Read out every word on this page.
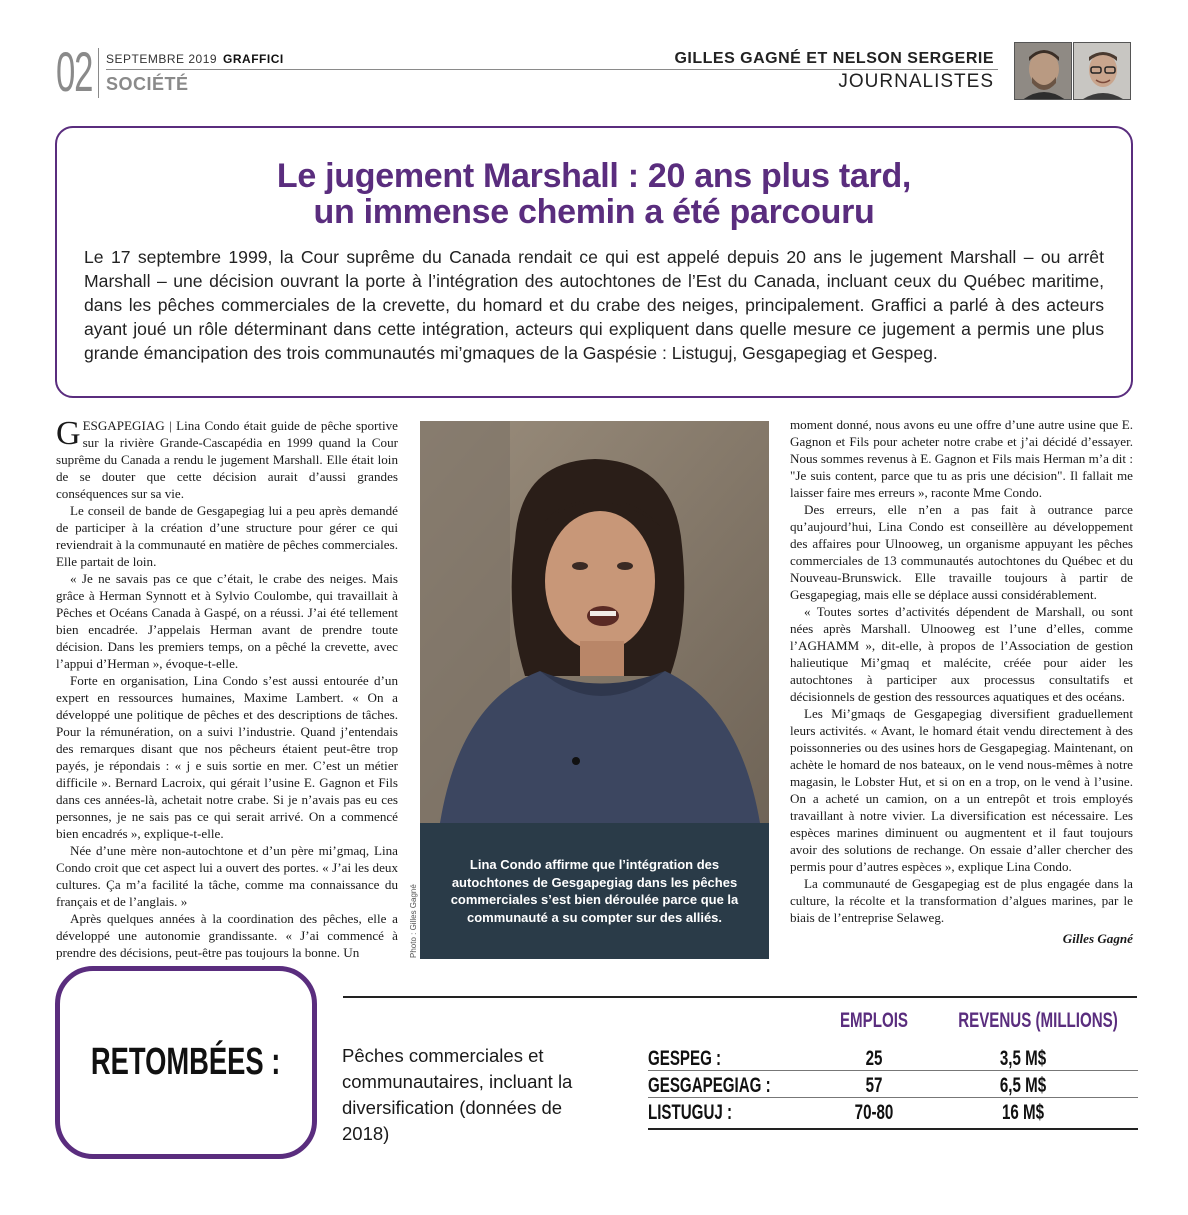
02 SEPTEMBRE 2019 GRAFFICI
SOCIÉTÉ
GILLES GAGNÉ ET NELSON SERGERIE
JOURNALISTES
Le jugement Marshall : 20 ans plus tard,
un immense chemin a été parcouru

Le 17 septembre 1999, la Cour suprême du Canada rendait ce qui est appelé depuis 20 ans le jugement Marshall – ou arrêt Marshall – une décision ouvrant la porte à l’intégration des autochtones de l’Est du Canada, incluant ceux du Québec maritime, dans les pêches commerciales de la crevette, du homard et du crabe des neiges, principalement. Graffici a parlé à des acteurs ayant joué un rôle déterminant dans cette intégration, acteurs qui expliquent dans quelle mesure ce jugement a permis une plus grande émancipation des trois communautés mi’gmaques de la Gaspésie : Listuguj, Gesgapegiag et Gespeg.

GESGAPEGIAG | Lina Condo était guide de pêche sportive sur la rivière Grande-Cascapédia en 1999 quand la Cour suprême du Canada a rendu le jugement Marshall. Elle était loin de se douter que cette décision aurait d’aussi grandes conséquences sur sa vie.

Le conseil de bande de Gesgapegiag lui a peu après demandé de participer à la création d’une structure pour gérer ce qui reviendrait à la communauté en matière de pêches commerciales. Elle partait de loin.

« Je ne savais pas ce que c’était, le crabe des neiges. Mais grâce à Herman Synnott et à Sylvio Coulombe, qui travaillait à Pêches et Océans Canada à Gaspé, on a réussi. J’ai été tellement bien encadrée. J’appelais Herman avant de prendre toute décision. Dans les premiers temps, on a pêché la crevette, avec l’appui d’Herman », évoque-t-elle.

Forte en organisation, Lina Condo s’est aussi entourée d’un expert en ressources humaines, Maxime Lambert. « On a développé une politique de pêches et des descriptions de tâches. Pour la rémunération, on a suivi l’industrie. Quand j’entendais des remarques disant que nos pêcheurs étaient peut-être trop payés, je répondais : « j e suis sortie en mer. C’est un métier difficile ». Bernard Lacroix, qui gérait l’usine E. Gagnon et Fils dans ces années-là, achetait notre crabe. Si je n’avais pas eu ces personnes, je ne sais pas ce qui serait arrivé. On a commencé bien encadrés », explique-t-elle.

Née d’une mère non-autochtone et d’un père mi’gmaq, Lina Condo croit que cet aspect lui a ouvert des portes. « J’ai les deux cultures. Ça m’a facilité la tâche, comme ma connaissance du français et de l’anglais. »

Après quelques années à la coordination des pêches, elle a développé une autonomie grandissante. « J’ai commencé à prendre des décisions, peut-être pas toujours la bonne. Un

Lina Condo affirme que l’intégration des autochtones de Gesgapegiag dans les pêches commerciales s’est bien déroulée parce que la communauté a su compter sur des alliés.

Photo : Gilles Gagné

moment donné, nous avons eu une offre d’une autre usine que E. Gagnon et Fils pour acheter notre crabe et j’ai décidé d’essayer. Nous sommes revenus à E. Gagnon et Fils mais Herman m’a dit : "Je suis content, parce que tu as pris une décision". Il fallait me laisser faire mes erreurs », raconte Mme Condo.

Des erreurs, elle n’en a pas fait à outrance parce qu’aujourd’hui, Lina Condo est conseillère au développement des affaires pour Ulnooweg, un organisme appuyant les pêches commerciales de 13 communautés autochtones du Québec et du Nouveau-Brunswick. Elle travaille toujours à partir de Gesgapegiag, mais elle se déplace aussi considérablement.

« Toutes sortes d’activités dépendent de Marshall, ou sont nées après Marshall. Ulnooweg est l’une d’elles, comme l’AGHAMM », dit-elle, à propos de l’Association de gestion halieutique Mi’gmaq et malécite, créée pour aider les autochtones à participer aux processus consultatifs et décisionnels de gestion des ressources aquatiques et des océans.

Les Mi’gmaqs de Gesgapegiag diversifient graduellement leurs activités. « Avant, le homard était vendu directement à des poissonneries ou des usines hors de Gesgapegiag. Maintenant, on achète le homard de nos bateaux, on le vend nous-mêmes à notre magasin, le Lobster Hut, et si on en a trop, on le vend à l’usine. On a acheté un camion, on a un entrepôt et trois employés travaillant à notre vivier. La diversification est nécessaire. Les espèces marines diminuent ou augmentent et il faut toujours avoir des solutions de rechange. On essaie d’aller chercher des permis pour d’autres espèces », explique Lina Condo.

La communauté de Gesgapegiag est de plus engagée dans la culture, la récolte et la transformation d’algues marines, par le biais de l’entreprise Selaweg.

Gilles Gagné

RETOMBÉES :	Pêches commerciales et communautaires, incluant la diversification (données de 2018)
EMPLOIS	REVENUS (MILLIONS)
GESPEG :	25	3,5 M$
GESGAPEGIAG :	57	6,5 M$
LISTUGUJ :	70-80	16 M$
